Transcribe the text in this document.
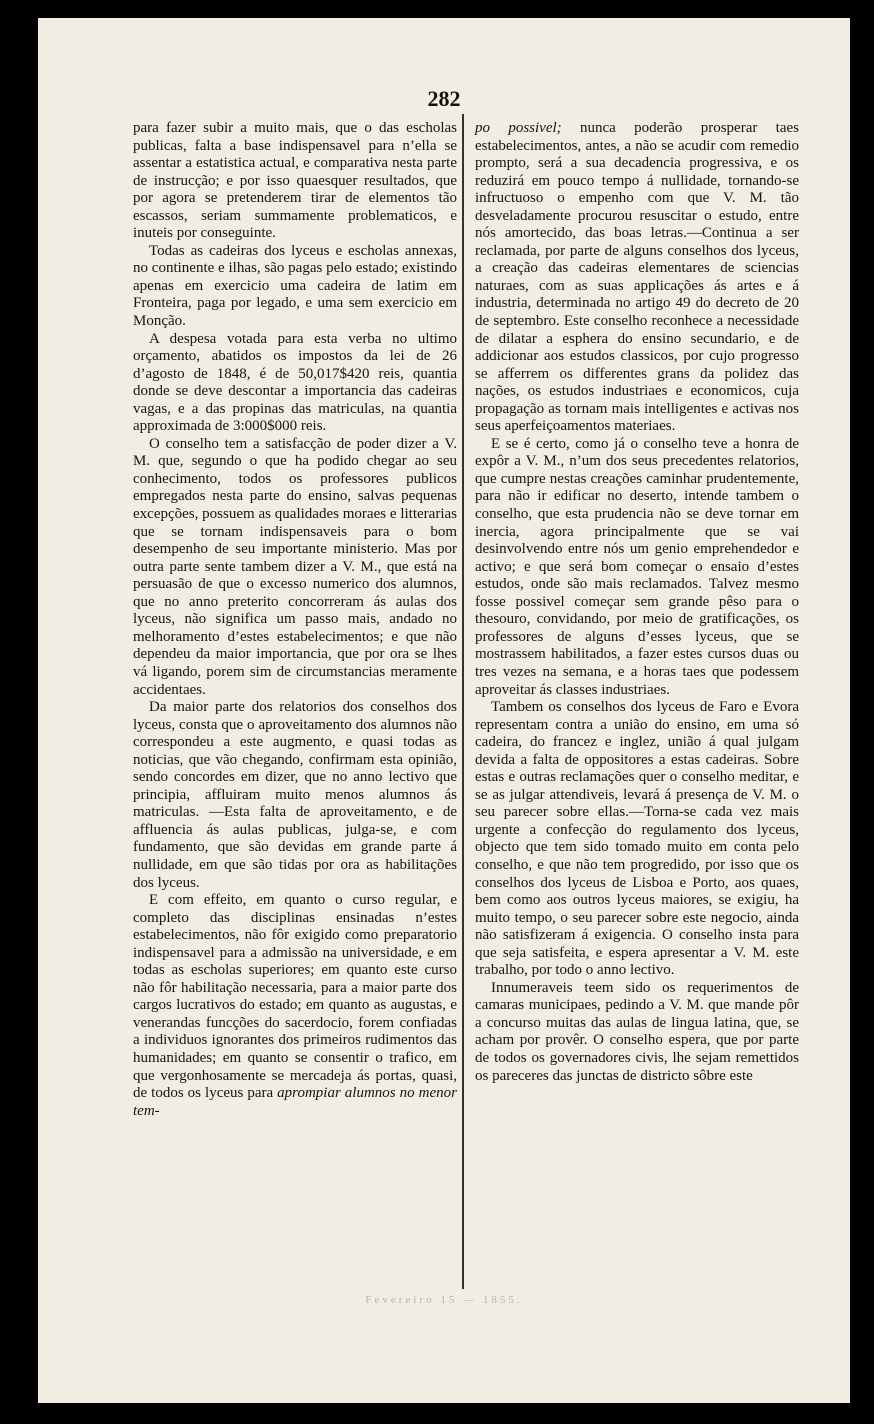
282

para fazer subir a muito mais, que o das escholas publicas, falta a base indispensavel para n’ella se assentar a estatistica actual, e comparativa nesta parte de instrucção; e por isso quaesquer resultados, que por agora se pretenderem tirar de elementos tão escassos, seriam summamente problematicos, e inuteis por conseguinte.

Todas as cadeiras dos lyceus e escholas annexas, no continente e ilhas, são pagas pelo estado; existindo apenas em exercicio uma cadeira de latim em Fronteira, paga por legado, e uma sem exercicio em Monção.

A despesa votada para esta verba no ultimo orçamento, abatidos os impostos da lei de 26 d’agosto de 1848, é de 50,017$420 reis, quantia donde se deve descontar a importancia das cadeiras vagas, e a das propinas das matriculas, na quantia approximada de 3:000$000 reis.

O conselho tem a satisfacção de poder dizer a V. M. que, segundo o que ha podido chegar ao seu conhecimento, todos os professores publicos empregados nesta parte do ensino, salvas pequenas excepções, possuem as qualidades moraes e litterarias que se tornam indispensaveis para o bom desempenho de seu importante ministerio. Mas por outra parte sente tambem dizer a V. M., que está na persuasão de que o excesso numerico dos alumnos, que no anno preterito concorreram ás aulas dos lyceus, não significa um passo mais, andado no melhoramento d’estes estabelecimentos; e que não dependeu da maior importancia, que por ora se lhes vá ligando, porem sim de circumstancias meramente accidentaes.

Da maior parte dos relatorios dos conselhos dos lyceus, consta que o aproveitamento dos alumnos não correspondeu a este augmento, e quasi todas as noticias, que vão chegando, confirmam esta opinião, sendo concordes em dizer, que no anno lectivo que principia, affluiram muito menos alumnos ás matriculas. —Esta falta de aproveitamento, e de affluencia ás aulas publicas, julga-se, e com fundamento, que são devidas em grande parte á nullidade, em que são tidas por ora as habilitações dos lyceus.

E com effeito, em quanto o curso regular, e completo das disciplinas ensinadas n’estes estabelecimentos, não fôr exigido como preparatorio indispensavel para a admissão na universidade, e em todas as escholas superiores; em quanto este curso não fôr habilitação necessaria, para a maior parte dos cargos lucrativos do estado; em quanto as augustas, e venerandas funcções do sacerdocio, forem confiadas a individuos ignorantes dos primeiros rudimentos das humanidades; em quanto se consentir o trafico, em que vergonhosamente se mercadeja ás portas, quasi, de todos os lyceus para aprompiar alumnos no menor tem-

po possivel; nunca poderão prosperar taes estabelecimentos, antes, a não se acudir com remedio prompto, será a sua decadencia progressiva, e os reduzirá em pouco tempo á nullidade, tornando-se infructuoso o empenho com que V. M. tão desveladamente procurou resuscitar o estudo, entre nós amortecido, das boas letras.—Continua a ser reclamada, por parte de alguns conselhos dos lyceus, a creação das cadeiras elementares de sciencias naturaes, com as suas applicações ás artes e á industria, determinada no artigo 49 do decreto de 20 de septembro. Este conselho reconhece a necessidade de dilatar a esphera do ensino secundario, e de addicionar aos estudos classicos, por cujo progresso se afferrem os differentes grans da polidez das nações, os estudos industriaes e economicos, cuja propagação as tornam mais intelligentes e activas nos seus aperfeiçoamentos materiaes.

E se é certo, como já o conselho teve a honra de expôr a V. M., n’um dos seus precedentes relatorios, que cumpre nestas creações caminhar prudentemente, para não ir edificar no deserto, intende tambem o conselho, que esta prudencia não se deve tornar em inercia, agora principalmente que se vai desinvolvendo entre nós um genio emprehendedor e activo; e que será bom começar o ensaio d’estes estudos, onde são mais reclamados. Talvez mesmo fosse possivel começar sem grande pêso para o thesouro, convidando, por meio de gratificações, os professores de alguns d’esses lyceus, que se mostrassem habilitados, a fazer estes cursos duas ou tres vezes na semana, e a horas taes que podessem aproveitar ás classes industriaes.

Tambem os conselhos dos lyceus de Faro e Evora representam contra a união do ensino, em uma só cadeira, do francez e inglez, união á qual julgam devida a falta de oppositores a estas cadeiras. Sobre estas e outras reclamações quer o conselho meditar, e se as julgar attendiveis, levará á presença de V. M. o seu parecer sobre ellas.—Torna-se cada vez mais urgente a confecção do regulamento dos lyceus, objecto que tem sido tomado muito em conta pelo conselho, e que não tem progredido, por isso que os conselhos dos lyceus de Lisboa e Porto, aos quaes, bem como aos outros lyceus maiores, se exigiu, ha muito tempo, o seu parecer sobre este negocio, ainda não satisfizeram á exigencia. O conselho insta para que seja satisfeita, e espera apresentar a V. M. este trabalho, por todo o anno lectivo.

Innumeraveis teem sido os requerimentos de camaras municipaes, pedindo a V. M. que mande pôr a concurso muitas das aulas de lingua latina, que, se acham por provêr. O conselho espera, que por parte de todos os governadores civis, lhe sejam remettidos os pareceres das junctas de districto sôbre este

Fevereiro 15 — 1855.
